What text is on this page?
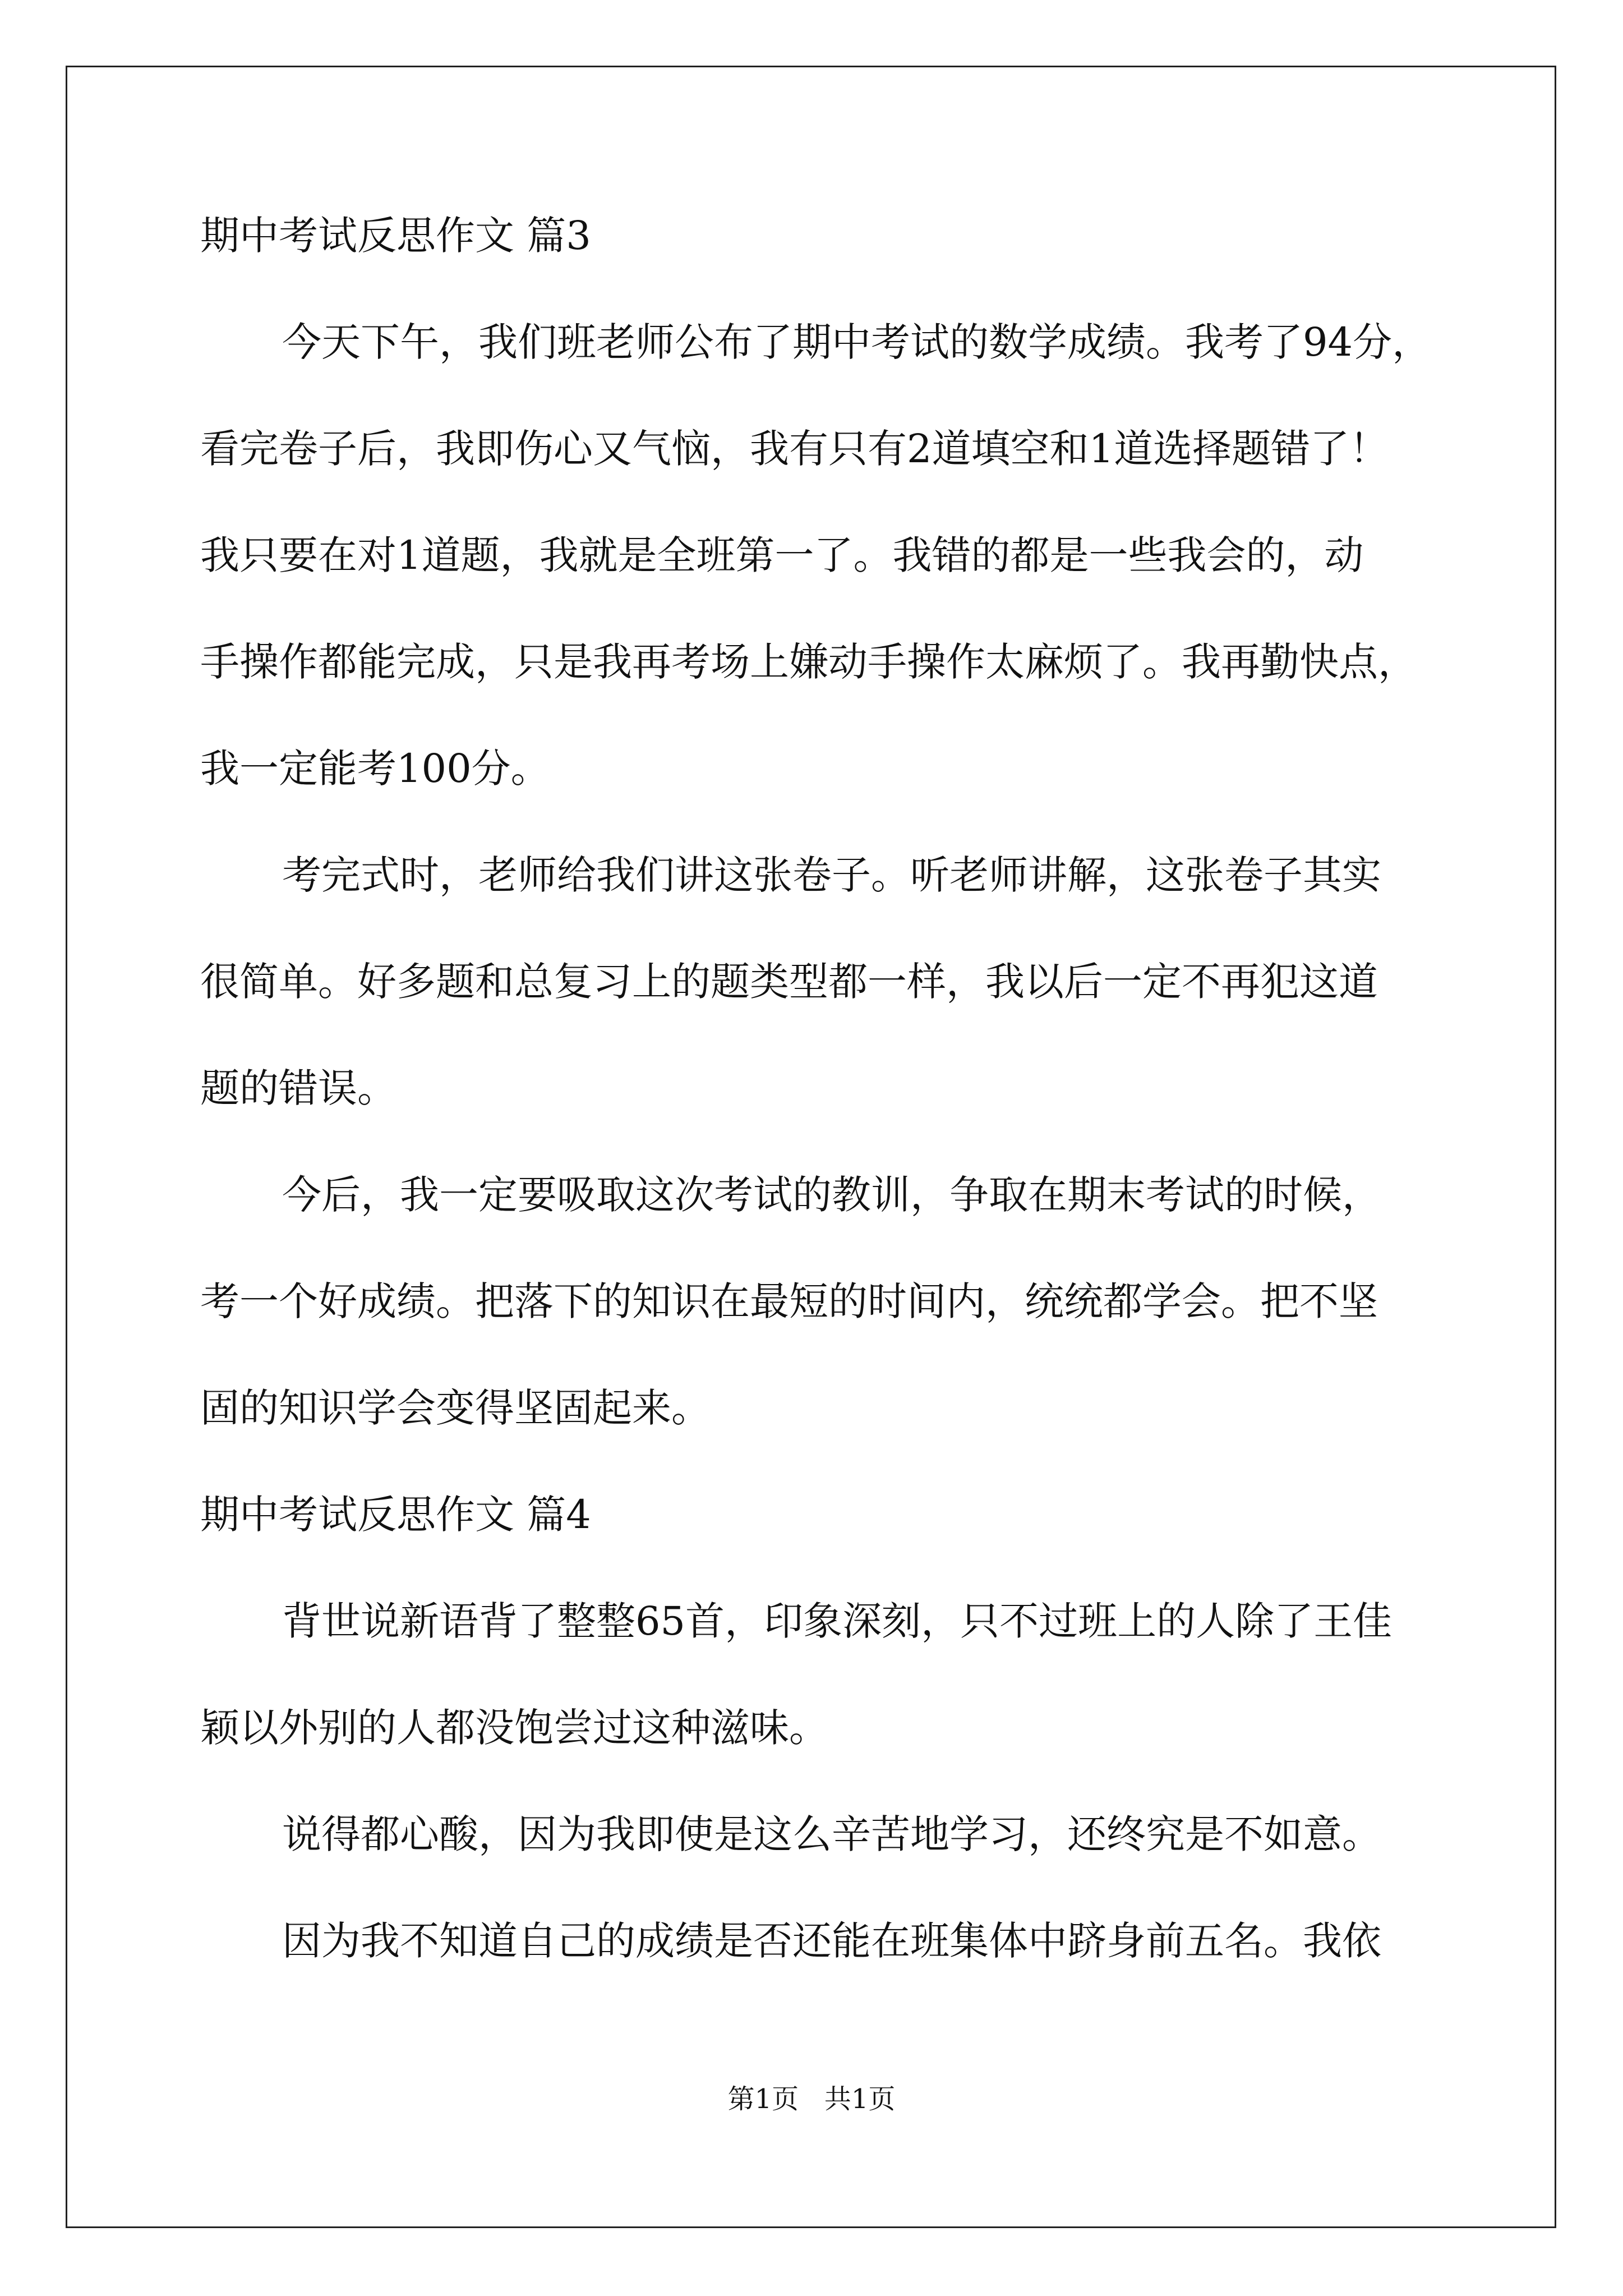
期中考试反思作文 篇3
今天下午，我们班老师公布了期中考试的数学成绩。我考了94分，
看完卷子后，我即伤心又气恼，我有只有2道填空和1道选择题错了！
我只要在对1道题，我就是全班第一了。我错的都是一些我会的，动
手操作都能完成，只是我再考场上嫌动手操作太麻烦了。我再勤快点，
我一定能考100分。
考完式时，老师给我们讲这张卷子。听老师讲解，这张卷子其实
很简单。好多题和总复习上的题类型都一样，我以后一定不再犯这道
题的错误。
今后，我一定要吸取这次考试的教训，争取在期末考试的时候，
考一个好成绩。把落下的知识在最短的时间内，统统都学会。把不坚
固的知识学会变得坚固起来。
期中考试反思作文 篇4
背世说新语背了整整65首，印象深刻，只不过班上的人除了王佳
颖以外别的人都没饱尝过这种滋味。
说得都心酸，因为我即使是这么辛苦地学习，还终究是不如意。
因为我不知道自己的成绩是否还能在班集体中跻身前五名。我依
第1页   共1页
